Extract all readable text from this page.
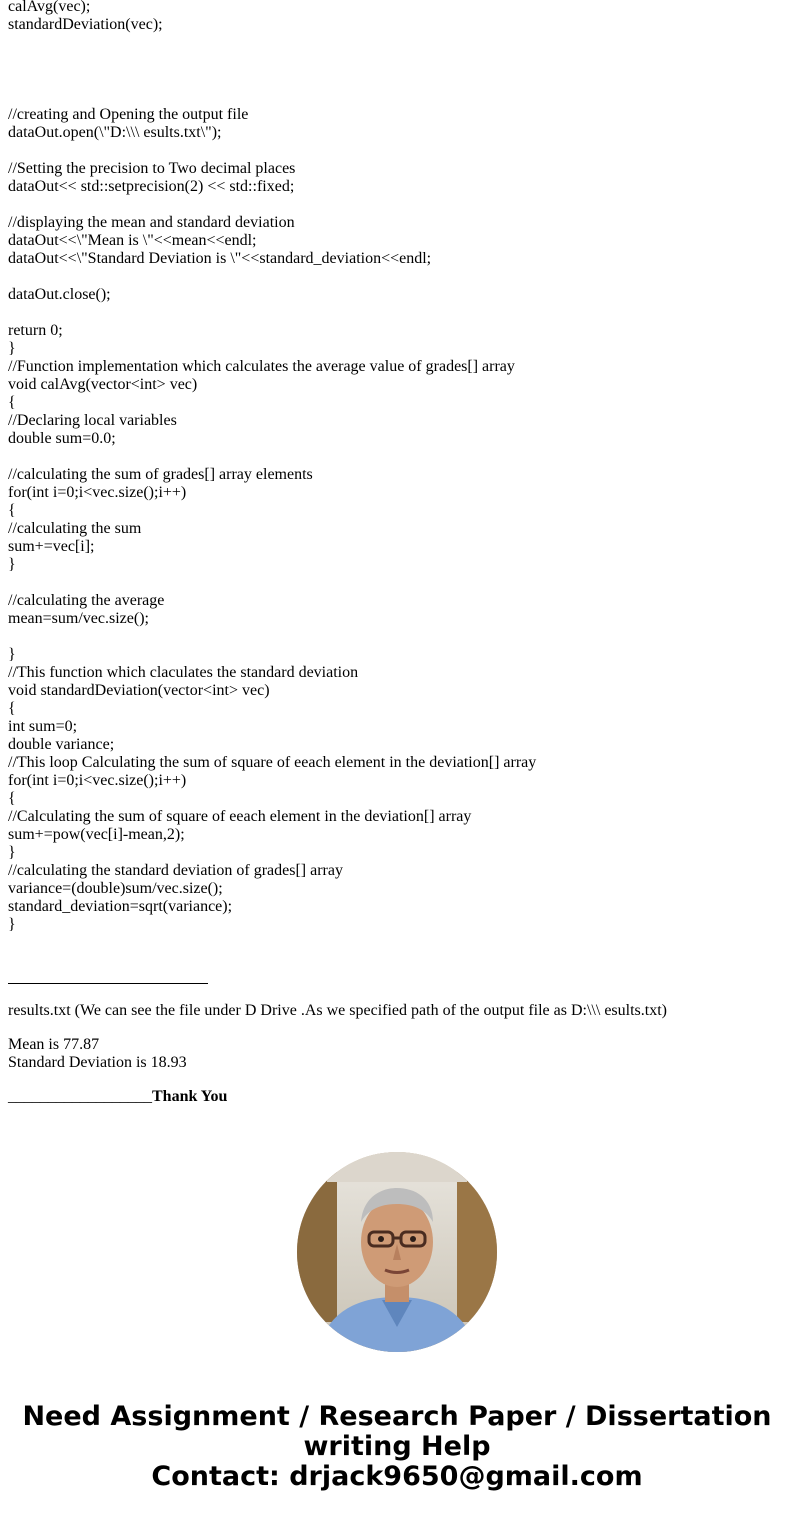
calAvg(vec);
standardDeviation(vec);
//creating and Opening the output file
dataOut.open(\"D:\\\ esults.txt\");
//Setting the precision to Two decimal places
dataOut<< std::setprecision(2) << std::fixed;
//displaying the mean and standard deviation
dataOut<<\"Mean is \"<<mean<<endl;
dataOut<<\"Standard Deviation is \"<<standard_deviation<<endl;
dataOut.close();
return 0;
}
//Function implementation which calculates the average value of grades[] array
void calAvg(vector<int> vec)
{
//Declaring local variables
double sum=0.0;
//calculating the sum of grades[] array elements
for(int i=0;i<vec.size();i++)
{
//calculating the sum
sum+=vec[i];
}
//calculating the average
mean=sum/vec.size();
}
//This function which claculates the standard deviation
void standardDeviation(vector<int> vec)
{
int sum=0;
double variance;
//This loop Calculating the sum of square of eeach element in the deviation[] array
for(int i=0;i<vec.size();i++)
{
//Calculating the sum of square of eeach element in the deviation[] array
sum+=pow(vec[i]-mean,2);
}
//calculating the standard deviation of grades[] array
variance=(double)sum/vec.size();
standard_deviation=sqrt(variance);
}
results.txt (We can see the file under D Drive .As we specified path of the output file as D:\\\ esults.txt)
Mean is 77.87
Standard Deviation is 18.93
__________________Thank You
Need Assignment / Research Paper / Dissertation
writing Help
Contact: drjack9650@gmail.com
